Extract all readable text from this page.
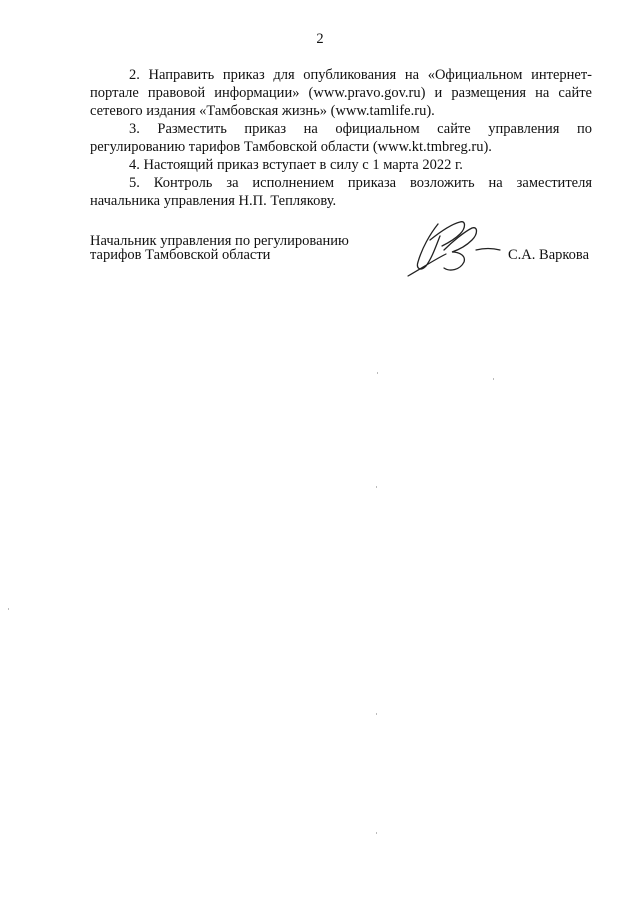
2

2. Направить приказ для опубликования на «Официальном интернет-портале правовой информации» (www.pravo.gov.ru) и размещения на сайте сетевого издания «Тамбовская жизнь» (www.tamlife.ru).

3. Разместить приказ на официальном сайте управления по регулированию тарифов Тамбовской области (www.kt.tmbreg.ru).

4. Настоящий приказ вступает в силу с 1 марта 2022 г.

5. Контроль за исполнением приказа возложить на заместителя начальника управления Н.П. Теплякову.

Начальник управления по регулированию
тарифов Тамбовской области	С.А. Варкова
